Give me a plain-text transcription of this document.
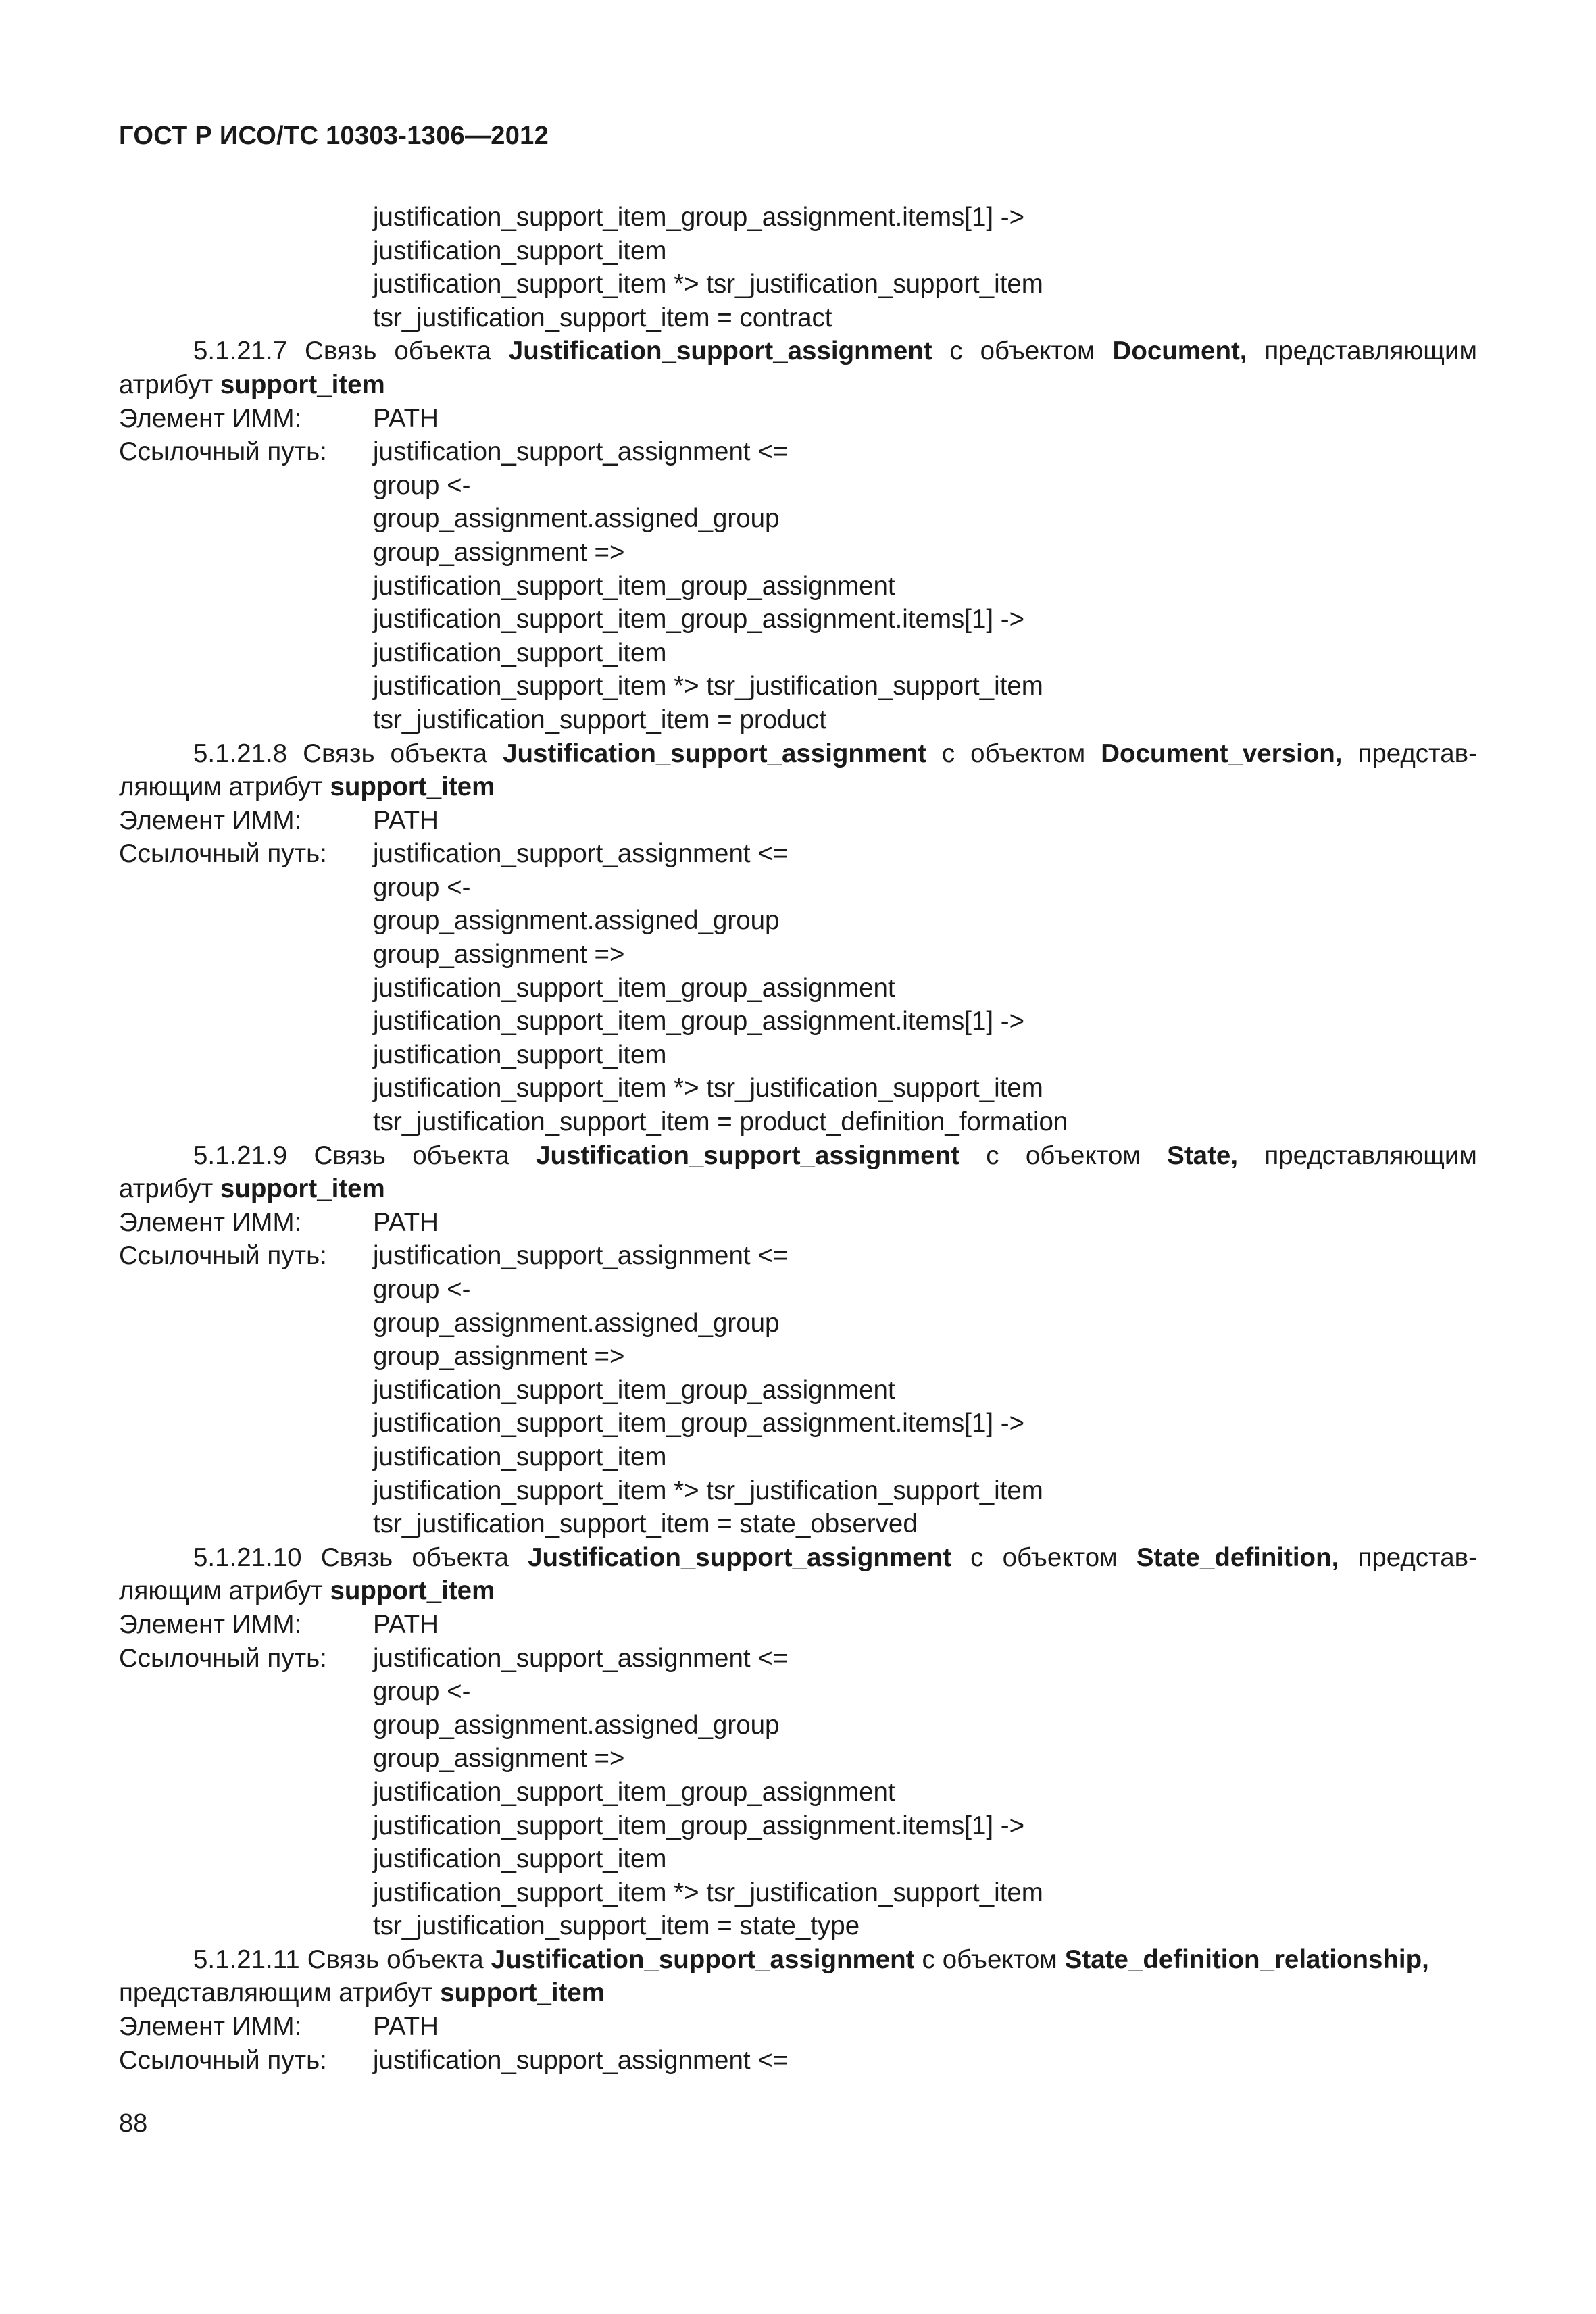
ГОСТ Р ИСО/ТС 10303-1306—2012
justification_support_item_group_assignment.items[1] ->
justification_support_item
justification_support_item *> tsr_justification_support_item
tsr_justification_support_item = contract
5.1.21.7 Связь объекта Justification_support_assignment с объектом Document, представляющим
атрибут support_item
Элемент ИММ:	PATH
Ссылочный путь: justification_support_assignment <=
group <-
group_assignment.assigned_group
group_assignment =>
justification_support_item_group_assignment
justification_support_item_group_assignment.items[1] ->
justification_support_item
justification_support_item *> tsr_justification_support_item
tsr_justification_support_item = product
5.1.21.8 Связь объекта Justification_support_assignment с объектом Document_version, представ-
ляющим атрибут support_item
Элемент ИММ:	PATH
Ссылочный путь: justification_support_assignment <=
group <-
group_assignment.assigned_group
group_assignment =>
justification_support_item_group_assignment
justification_support_item_group_assignment.items[1] ->
justification_support_item
justification_support_item *> tsr_justification_support_item
tsr_justification_support_item = product_definition_formation
5.1.21.9 Связь объекта Justification_support_assignment с объектом State, представляющим
атрибут support_item
Элемент ИММ:	PATH
Ссылочный путь: justification_support_assignment <=
group <-
group_assignment.assigned_group
group_assignment =>
justification_support_item_group_assignment
justification_support_item_group_assignment.items[1] ->
justification_support_item
justification_support_item *> tsr_justification_support_item
tsr_justification_support_item = state_observed
5.1.21.10 Связь объекта Justification_support_assignment с объектом State_definition, представ-
ляющим атрибут support_item
Элемент ИММ:	PATH
Ссылочный путь: justification_support_assignment <=
group <-
group_assignment.assigned_group
group_assignment =>
justification_support_item_group_assignment
justification_support_item_group_assignment.items[1] ->
justification_support_item
justification_support_item *> tsr_justification_support_item
tsr_justification_support_item = state_type
5.1.21.11 Связь объекта Justification_support_assignment с объектом State_definition_relationship,
представляющим атрибут support_item
Элемент ИММ:	PATH
Ссылочный путь: justification_support_assignment <=
88
